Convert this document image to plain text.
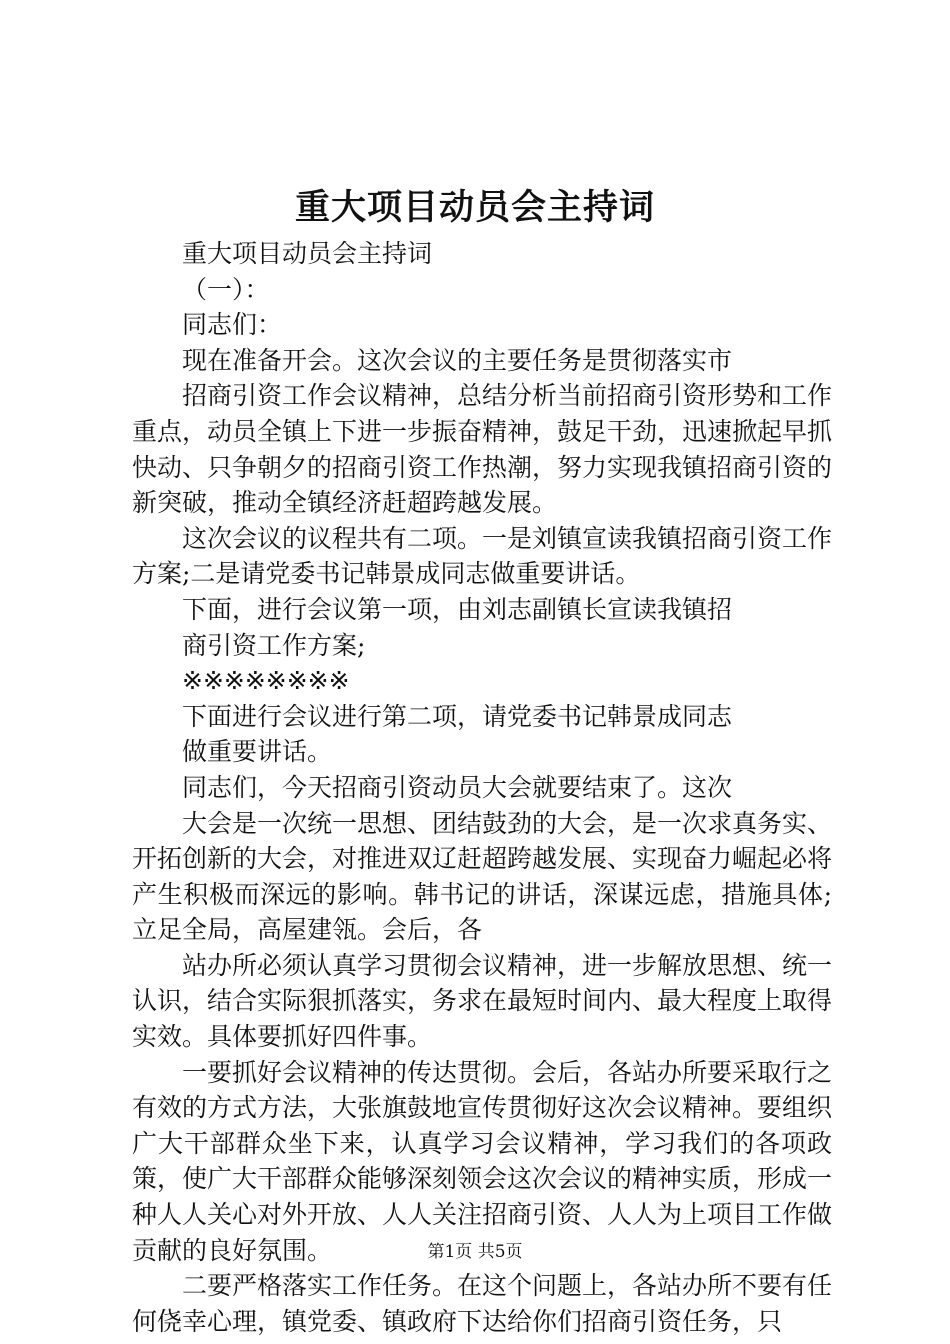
重大项目动员会主持词

重大项目动员会主持词

（一）：

同志们：

现在准备开会。这次会议的主要任务是贯彻落实市

招商引资工作会议精神，总结分析当前招商引资形势和工作重点，动员全镇上下进一步振奋精神，鼓足干劲，迅速掀起早抓快动、只争朝夕的招商引资工作热潮，努力实现我镇招商引资的新突破，推动全镇经济赶超跨越发展。

这次会议的议程共有二项。一是刘镇宣读我镇招商引资工作方案;二是请党委书记韩景成同志做重要讲话。

下面，进行会议第一项，由刘志副镇长宣读我镇招

商引资工作方案;

※※※※※※※※

下面进行会议进行第二项，请党委书记韩景成同志

做重要讲话。

同志们，今天招商引资动员大会就要结束了。这次

大会是一次统一思想、团结鼓劲的大会，是一次求真务实、开拓创新的大会，对推进双辽赶超跨越发展、实现奋力崛起必将产生积极而深远的影响。韩书记的讲话，深谋远虑，措施具体;立足全局，高屋建瓴。会后，各

站办所必须认真学习贯彻会议精神，进一步解放思想、统一认识，结合实际狠抓落实，务求在最短时间内、最大程度上取得实效。具体要抓好四件事。

一要抓好会议精神的传达贯彻。会后，各站办所要采取行之有效的方式方法，大张旗鼓地宣传贯彻好这次会议精神。要组织广大干部群众坐下来，认真学习会议精神，学习我们的各项政策，使广大干部群众能够深刻领会这次会议的精神实质，形成一种人人关心对外开放、人人关注招商引资、人人为上项目工作做贡献的良好氛围。

二要严格落实工作任务。在这个问题上，各站办所不要有任何侥幸心理，镇党委、镇政府下达给你们招商引资任务，只

第1页 共5页
